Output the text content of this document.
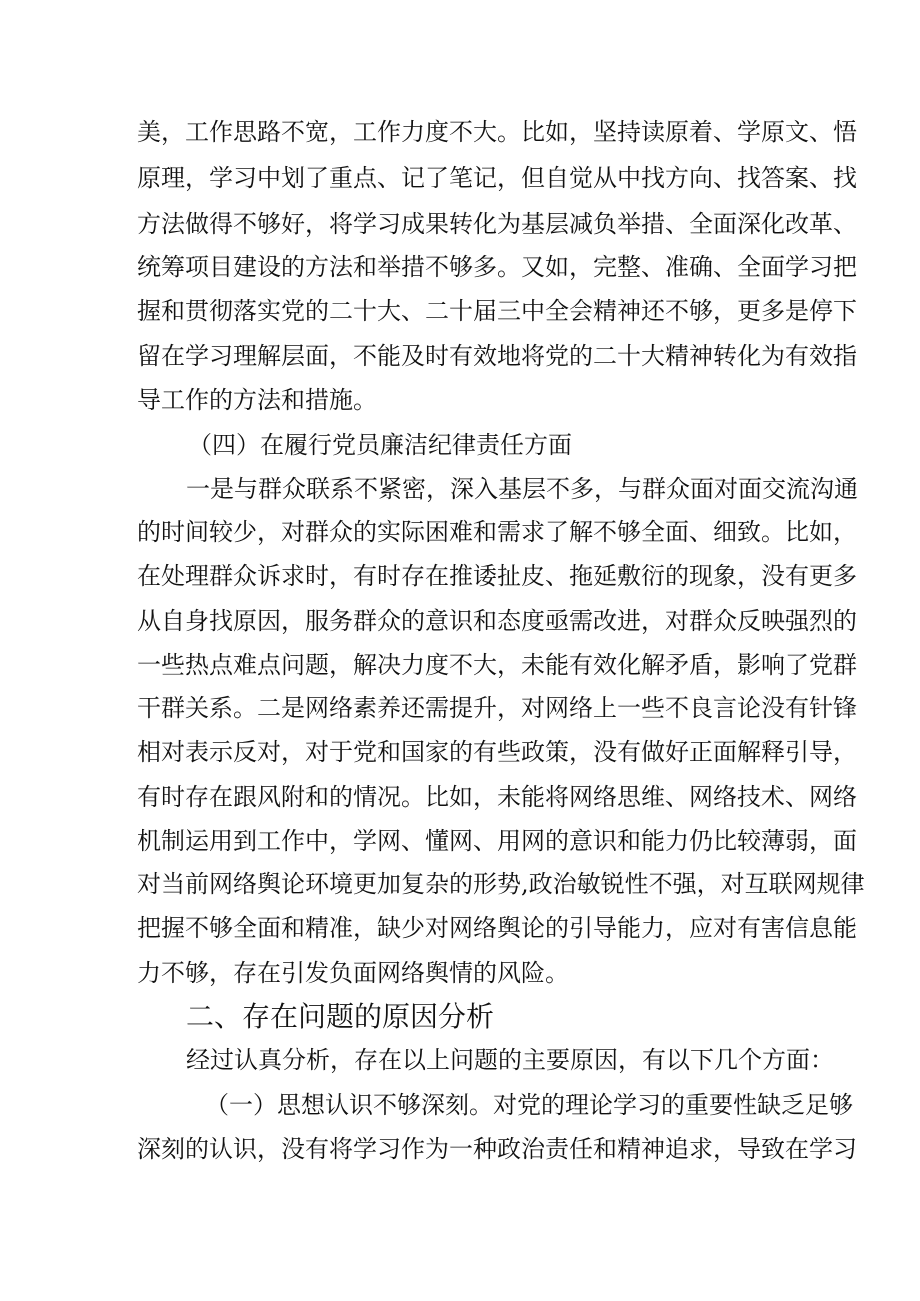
美，工作思路不宽，工作力度不大。比如，坚持读原着、学原文、悟
原理，学习中划了重点、记了笔记，但自觉从中找方向、找答案、找
方法做得不够好，将学习成果转化为基层减负举措、全面深化改革、
统筹项目建设的方法和举措不够多。又如，完整、准确、全面学习把
握和贯彻落实党的二十大、二十届三中全会精神还不够，更多是停下
留在学习理解层面，不能及时有效地将党的二十大精神转化为有效指
导工作的方法和措施。
（四）在履行党员廉洁纪律责任方面
一是与群众联系不紧密，深入基层不多，与群众面对面交流沟通
的时间较少，对群众的实际困难和需求了解不够全面、细致。比如，
在处理群众诉求时，有时存在推诿扯皮、拖延敷衍的现象，没有更多
从自身找原因，服务群众的意识和态度亟需改进，对群众反映强烈的
一些热点难点问题，解决力度不大，未能有效化解矛盾，影响了党群
干群关系。二是网络素养还需提升，对网络上一些不良言论没有针锋
相对表示反对，对于党和国家的有些政策，没有做好正面解释引导，
有时存在跟风附和的情况。比如，未能将网络思维、网络技术、网络
机制运用到工作中，学网、懂网、用网的意识和能力仍比较薄弱，面
对当前网络舆论环境更加复杂的形势,政治敏锐性不强，对互联网规律
把握不够全面和精准，缺少对网络舆论的引导能力，应对有害信息能
力不够，存在引发负面网络舆情的风险。
二、存在问题的原因分析
经过认真分析，存在以上问题的主要原因，有以下几个方面：
（一）思想认识不够深刻。对党的理论学习的重要性缺乏足够
深刻的认识，没有将学习作为一种政治责任和精神追求，导致在学习
